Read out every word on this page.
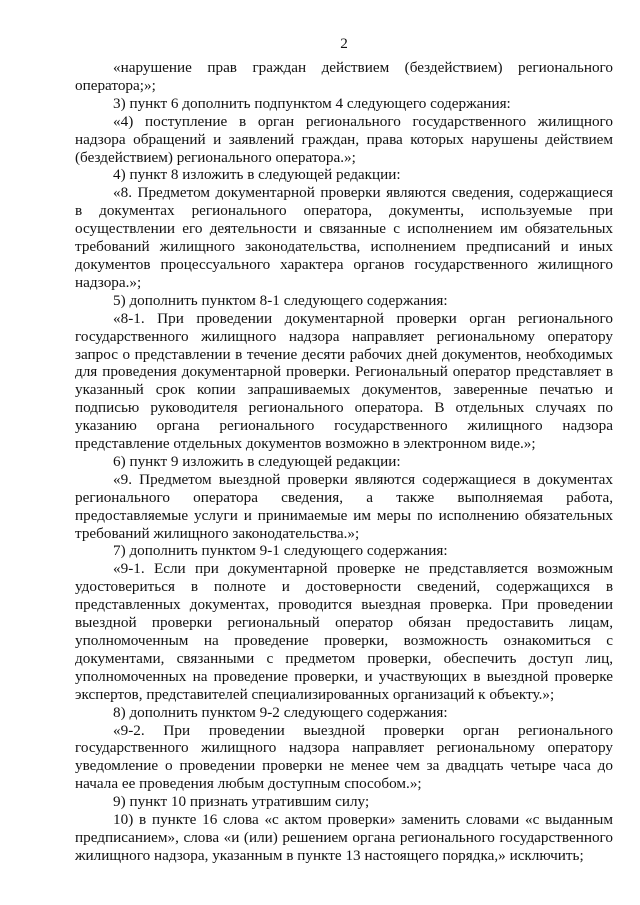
2

«нарушение прав граждан действием (бездействием) регионального оператора;»;

3) пункт 6 дополнить подпунктом 4 следующего содержания:

«4) поступление в орган регионального государственного жилищного надзора обращений и заявлений граждан, права которых нарушены действием (бездействием) регионального оператора.»;

4) пункт 8 изложить в следующей редакции:

«8. Предметом документарной проверки являются сведения, содержащиеся в документах регионального оператора, документы, используемые при осуществлении его деятельности и связанные с исполнением им обязательных требований жилищного законодательства, исполнением предписаний и иных документов процессуального характера органов государственного жилищного надзора.»;

5) дополнить пунктом 8-1 следующего содержания:

«8-1. При проведении документарной проверки орган регионального государственного жилищного надзора направляет региональному оператору запрос о представлении в течение десяти рабочих дней документов, необходимых для проведения документарной проверки. Региональный оператор представляет в указанный срок копии запрашиваемых документов, заверенные печатью и подписью руководителя регионального оператора. В отдельных случаях по указанию органа регионального государственного жилищного надзора представление отдельных документов возможно в электронном виде.»;

6) пункт 9 изложить в следующей редакции:

«9. Предметом выездной проверки являются содержащиеся в документах регионального оператора сведения, а также выполняемая работа, предоставляемые услуги и принимаемые им меры по исполнению обязательных требований жилищного законодательства.»;

7) дополнить пунктом 9-1 следующего содержания:

«9-1. Если при документарной проверке не представляется возможным удостовериться в полноте и достоверности сведений, содержащихся в представленных документах, проводится выездная проверка. При проведении выездной проверки региональный оператор обязан предоставить лицам, уполномоченным на проведение проверки, возможность ознакомиться с документами, связанными с предметом проверки, обеспечить доступ лиц, уполномоченных на проведение проверки, и участвующих в выездной проверке экспертов, представителей специализированных организаций к объекту.»;

8) дополнить пунктом 9-2 следующего содержания:

«9-2. При проведении выездной проверки орган регионального государственного жилищного надзора направляет региональному оператору уведомление о проведении проверки не менее чем за двадцать четыре часа до начала ее проведения любым доступным способом.»;

9) пункт 10 признать утратившим силу;

10) в пункте 16 слова «с актом проверки» заменить словами «с выданным предписанием», слова «и (или) решением органа регионального государственного жилищного надзора, указанным в пункте 13 настоящего порядка,» исключить;
